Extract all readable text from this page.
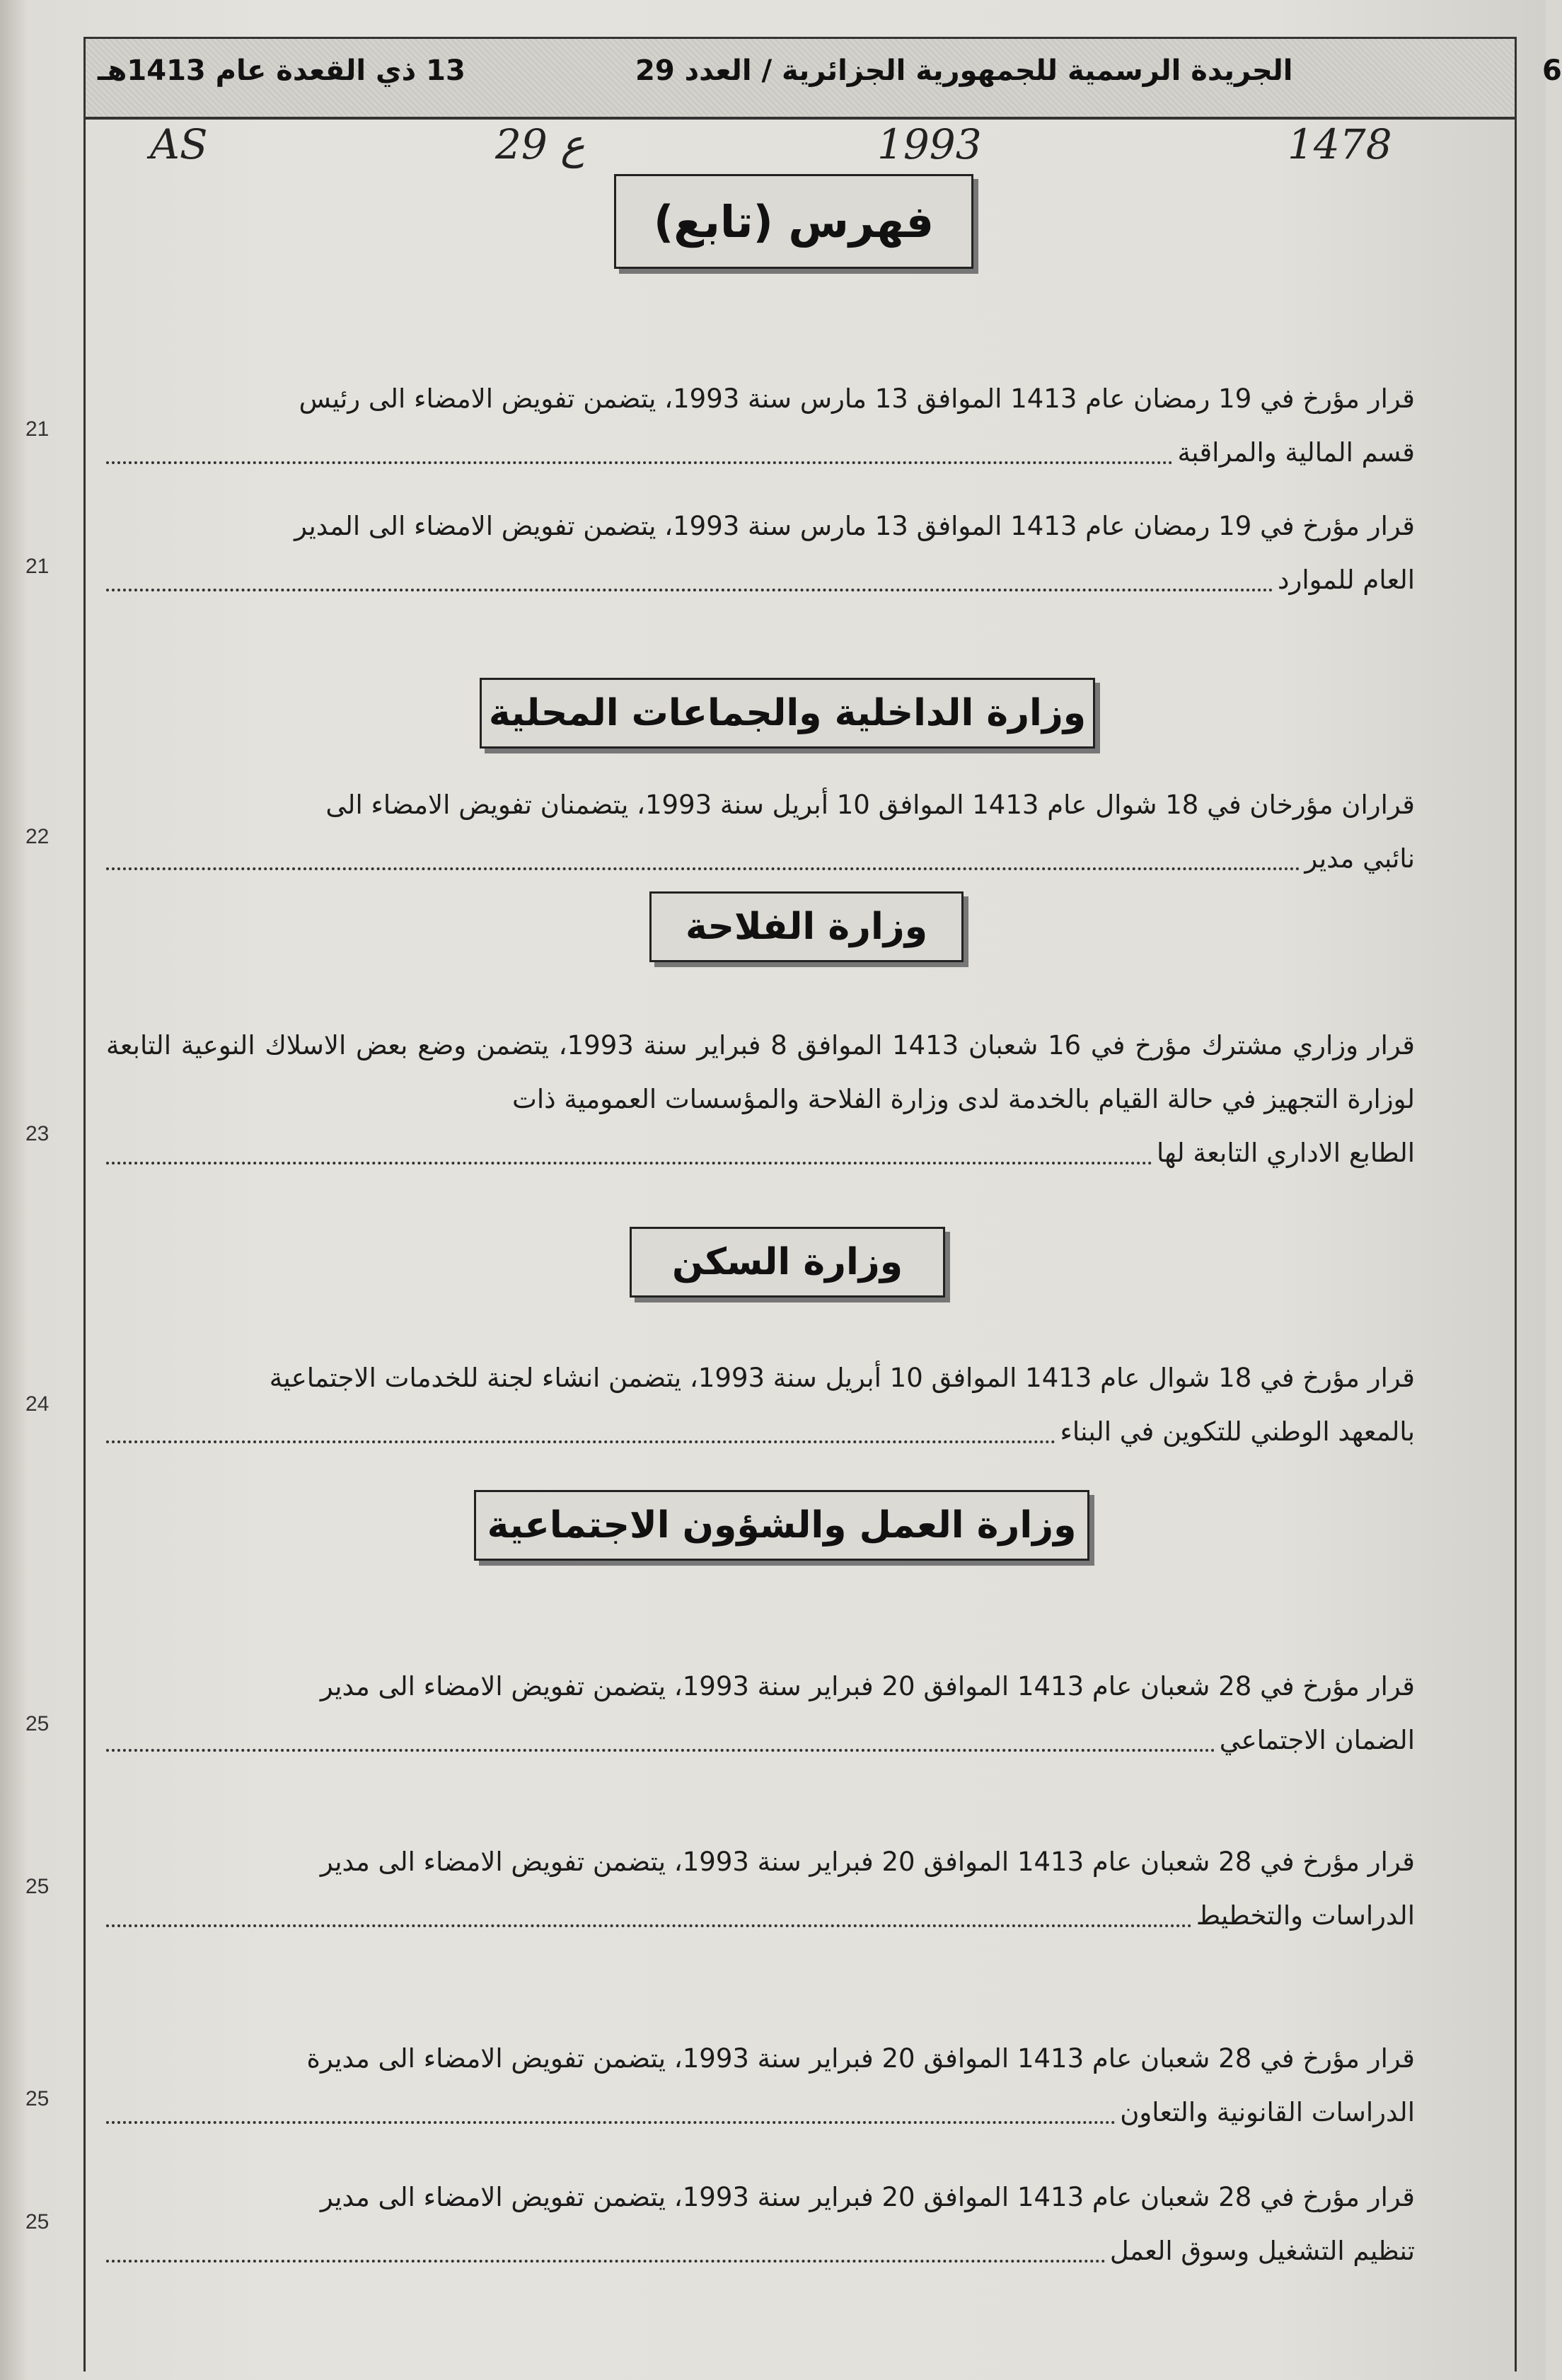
6
الجريدة الرسمية للجمهورية الجزائرية / العدد 29
13 ذي القعدة عام 1413هـ
1478
1993
29 ع
AS
فهرس (تابع)

قرار مؤرخ في 19 رمضان عام 1413 الموافق 13 مارس سنة 1993، يتضمن تفويض الامضاء الى رئيس

قسم المالية والمراقبة
21

قرار مؤرخ في 19 رمضان عام 1413 الموافق 13 مارس سنة 1993، يتضمن تفويض الامضاء الى المدير

العام للموارد
21
وزارة الداخلية والجماعات المحلية

قراران مؤرخان في 18 شوال عام 1413 الموافق 10 أبريل سنة 1993، يتضمنان تفويض الامضاء الى

نائبي مدير
22
وزارة الفلاحة

قرار وزاري مشترك مؤرخ في 16 شعبان 1413 الموافق 8 فبراير سنة 1993، يتضمن وضع بعض الاسلاك النوعية التابعة لوزارة التجهيز في حالة القيام بالخدمة لدى وزارة الفلاحة والمؤسسات العمومية ذات

الطابع الاداري التابعة لها
23
وزارة السكن

قرار مؤرخ في 18 شوال عام 1413 الموافق 10 أبريل سنة 1993، يتضمن انشاء لجنة للخدمات الاجتماعية

بالمعهد الوطني للتكوين في البناء
24
وزارة العمل والشؤون الاجتماعية

قرار مؤرخ في 28 شعبان عام 1413 الموافق 20 فبراير سنة 1993، يتضمن تفويض الامضاء الى مدير

الضمان الاجتماعي
25

قرار مؤرخ في 28 شعبان عام 1413 الموافق 20 فبراير سنة 1993، يتضمن تفويض الامضاء الى مدير

الدراسات والتخطيط
25

قرار مؤرخ في 28 شعبان عام 1413 الموافق 20 فبراير سنة 1993، يتضمن تفويض الامضاء الى مديرة

الدراسات القانونية والتعاون
25

قرار مؤرخ في 28 شعبان عام 1413 الموافق 20 فبراير سنة 1993، يتضمن تفويض الامضاء الى مدير

تنظيم التشغيل وسوق العمل
25
